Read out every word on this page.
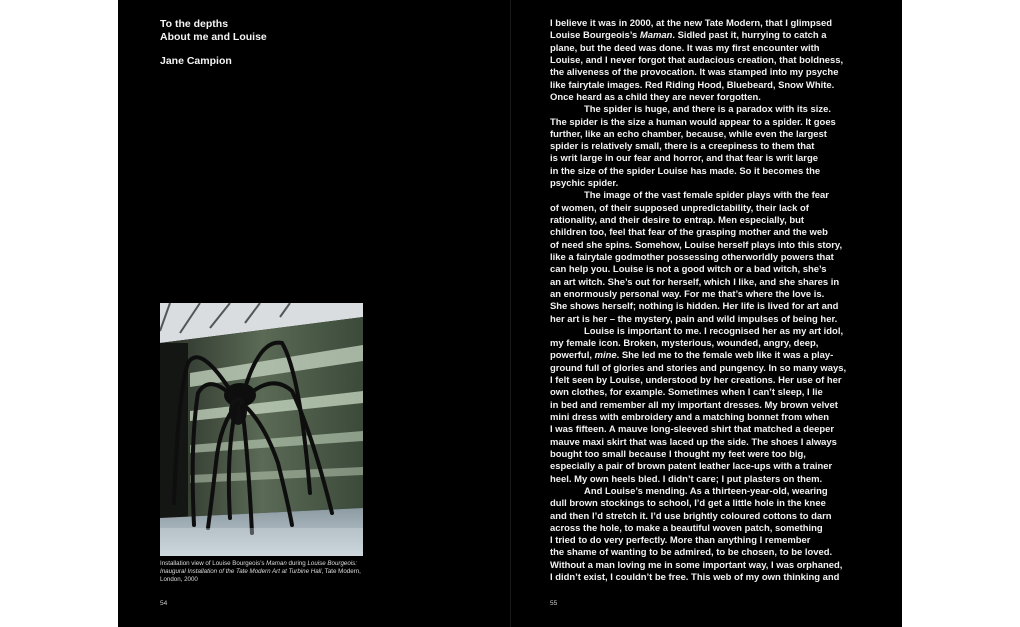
To the depths
About me and Louise
Jane Campion
Installation view of Louise Bourgeois’s Maman during Louise Bourgeois: Inaugural Installation of the Tate Modern Art at Turbine Hall, Tate Modern, London, 2000
54
I believe it was in 2000, at the new Tate Modern, that I glimpsed
Louise Bourgeois’s Maman. Sidled past it, hurrying to catch a
plane, but the deed was done. It was my first encounter with
Louise, and I never forgot that audacious creation, that boldness,
the aliveness of the provocation. It was stamped into my psyche
like fairytale images. Red Riding Hood, Bluebeard, Snow White.
Once heard as a child they are never forgotten.
The spider is huge, and there is a paradox with its size.
The spider is the size a human would appear to a spider. It goes
further, like an echo chamber, because, while even the largest
spider is relatively small, there is a creepiness to them that
is writ large in our fear and horror, and that fear is writ large
in the size of the spider Louise has made. So it becomes the
psychic spider.
The image of the vast female spider plays with the fear
of women, of their supposed unpredictability, their lack of
rationality, and their desire to entrap. Men especially, but
children too, feel that fear of the grasping mother and the web
of need she spins. Somehow, Louise herself plays into this story,
like a fairytale godmother possessing otherworldly powers that
can help you. Louise is not a good witch or a bad witch, she’s
an art witch. She’s out for herself, which I like, and she shares in
an enormously personal way. For me that’s where the love is.
She shows herself; nothing is hidden. Her life is lived for art and
her art is her – the mystery, pain and wild impulses of being her.
Louise is important to me. I recognised her as my art idol,
my female icon. Broken, mysterious, wounded, angry, deep,
powerful, mine. She led me to the female web like it was a play-
ground full of glories and stories and pungency. In so many ways,
I felt seen by Louise, understood by her creations. Her use of her
own clothes, for example. Sometimes when I can’t sleep, I lie
in bed and remember all my important dresses. My brown velvet
mini dress with embroidery and a matching bonnet from when
I was fifteen. A mauve long-sleeved shirt that matched a deeper
mauve maxi skirt that was laced up the side. The shoes I always
bought too small because I thought my feet were too big,
especially a pair of brown patent leather lace-ups with a trainer
heel. My own heels bled. I didn’t care; I put plasters on them.
And Louise’s mending. As a thirteen-year-old, wearing
dull brown stockings to school, I’d get a little hole in the knee
and then I’d stretch it. I’d use brightly coloured cottons to darn
across the hole, to make a beautiful woven patch, something
I tried to do very perfectly. More than anything I remember
the shame of wanting to be admired, to be chosen, to be loved.
Without a man loving me in some important way, I was orphaned,
I didn’t exist, I couldn’t be free. This web of my own thinking and
55
